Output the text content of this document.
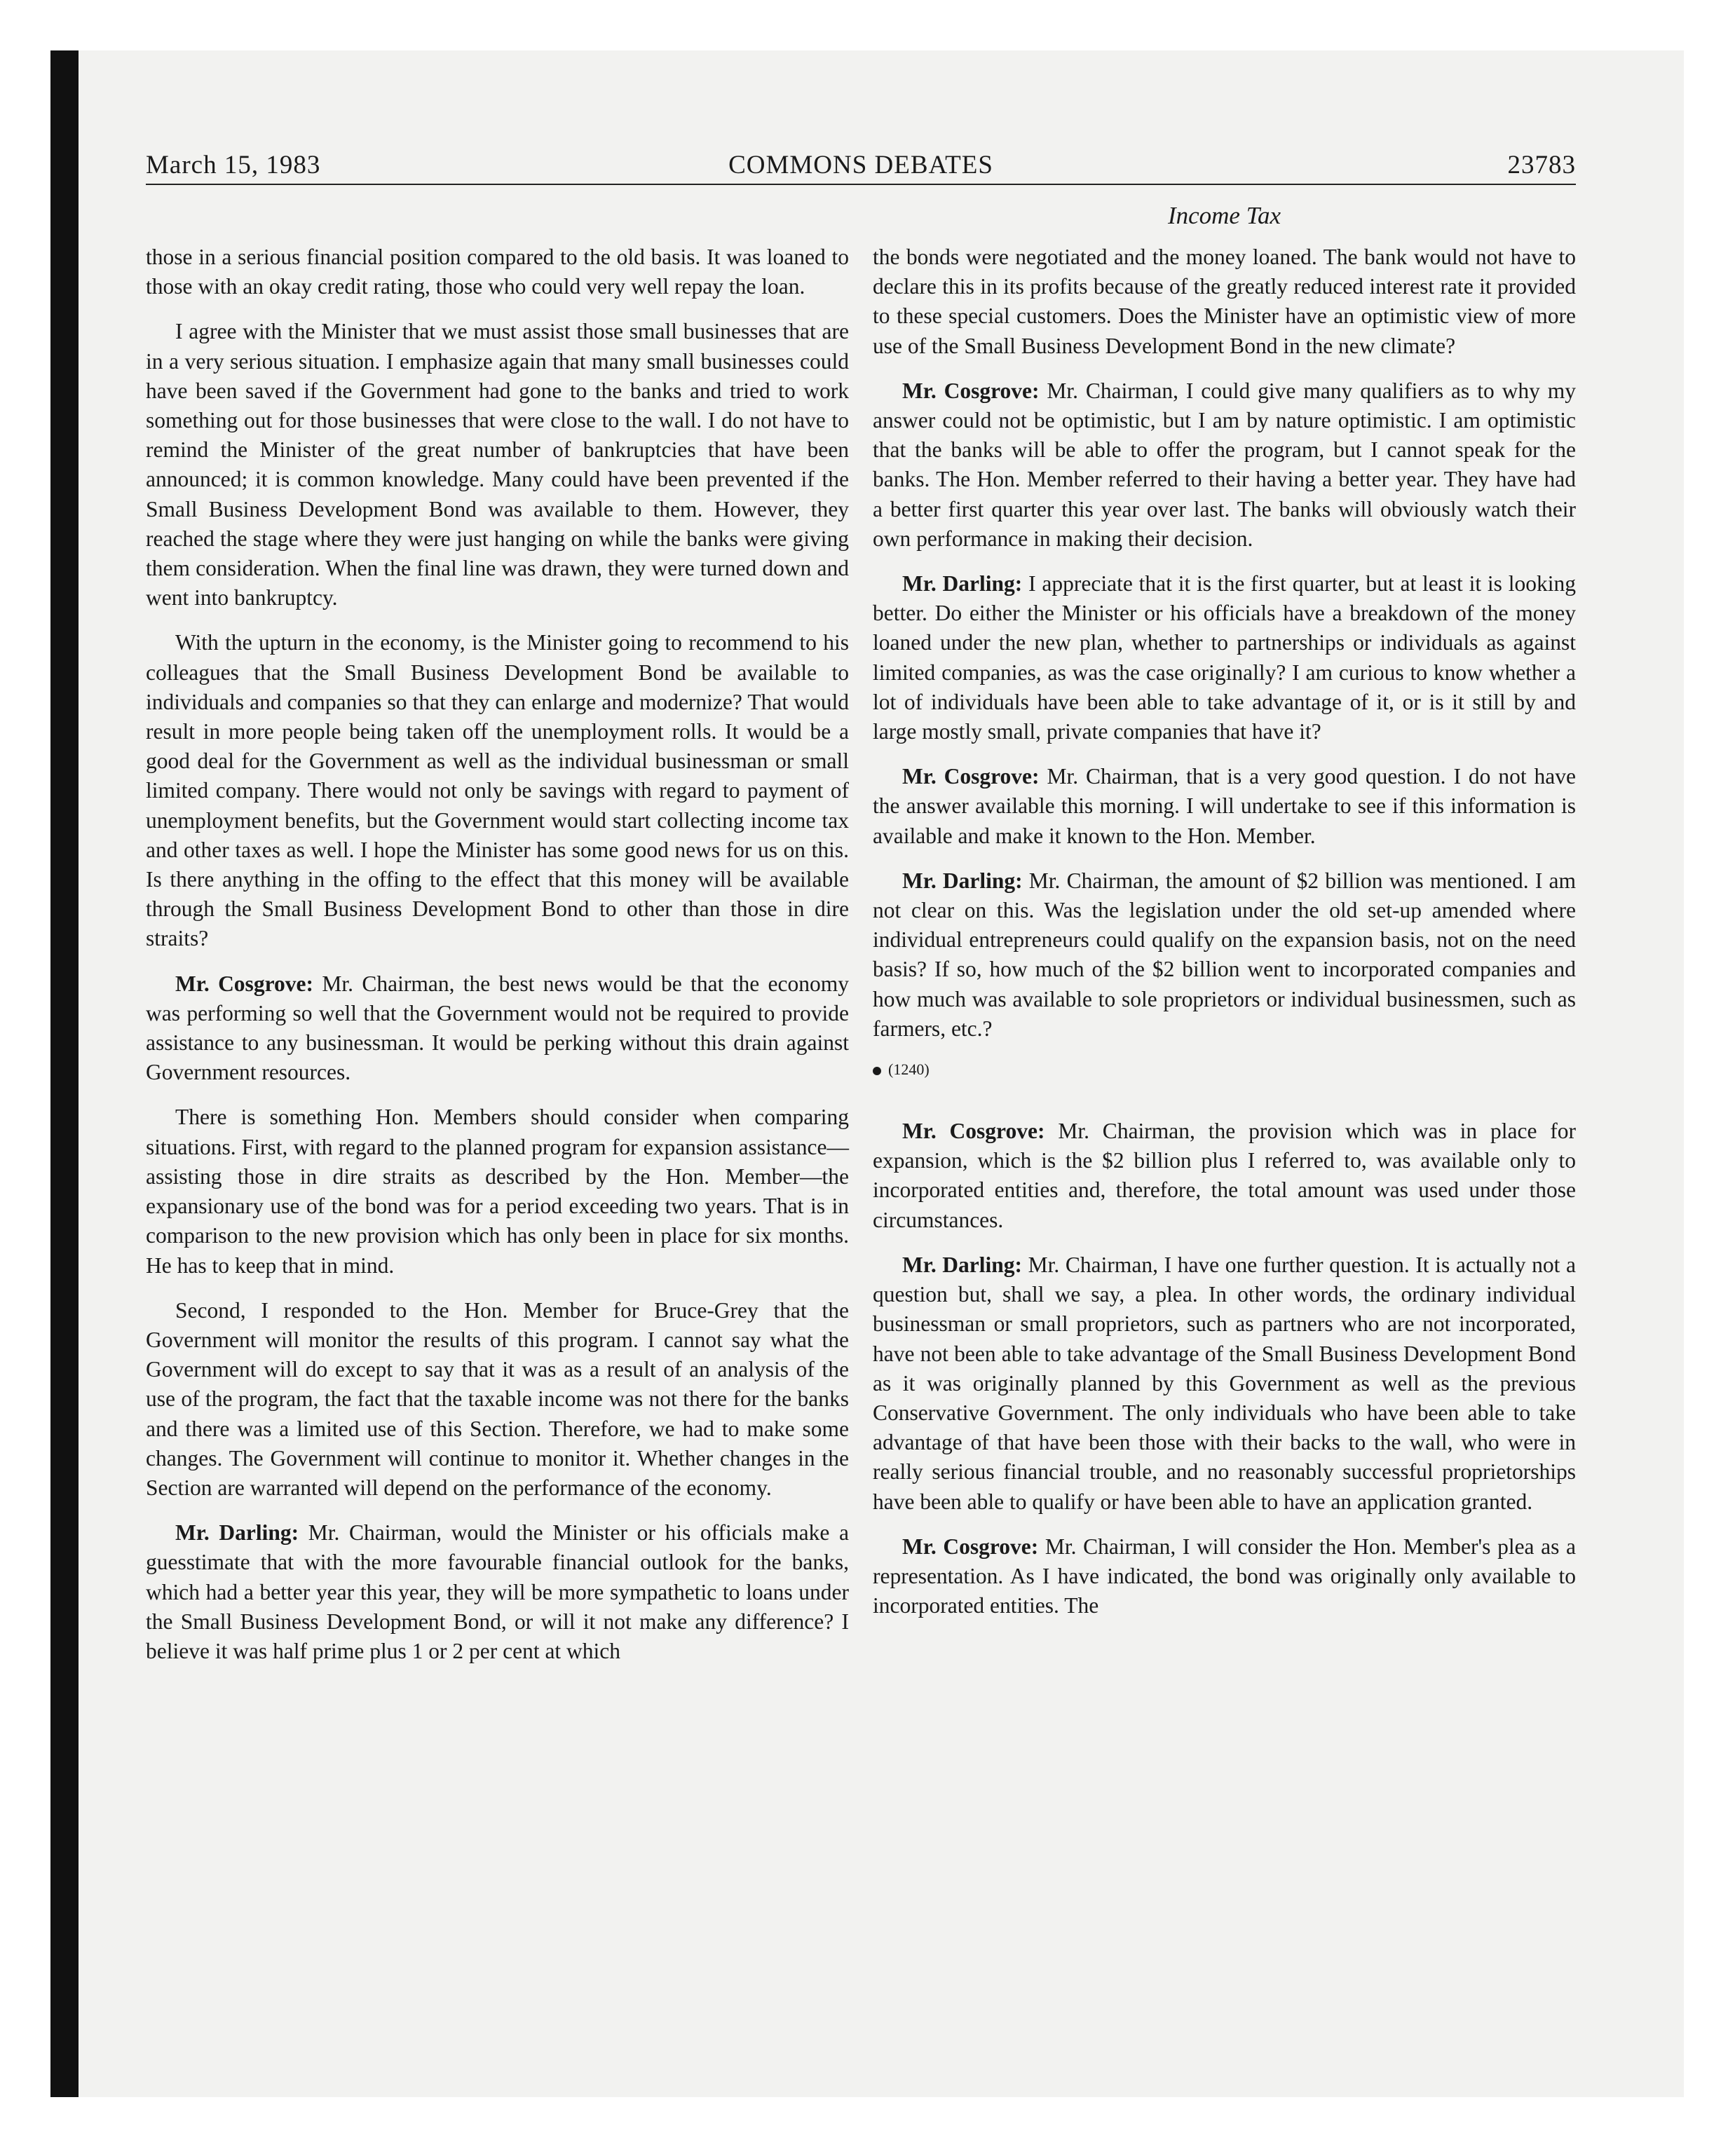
March 15, 1983	COMMONS DEBATES	23783
Income Tax

those in a serious financial position compared to the old basis. It was loaned to those with an okay credit rating, those who could very well repay the loan.

I agree with the Minister that we must assist those small businesses that are in a very serious situation. I emphasize again that many small businesses could have been saved if the Government had gone to the banks and tried to work something out for those businesses that were close to the wall. I do not have to remind the Minister of the great number of bankruptcies that have been announced; it is common knowledge. Many could have been prevented if the Small Business Development Bond was available to them. However, they reached the stage where they were just hanging on while the banks were giving them consideration. When the final line was drawn, they were turned down and went into bankruptcy.

With the upturn in the economy, is the Minister going to recommend to his colleagues that the Small Business Development Bond be available to individuals and companies so that they can enlarge and modernize? That would result in more people being taken off the unemployment rolls. It would be a good deal for the Government as well as the individual businessman or small limited company. There would not only be savings with regard to payment of unemployment benefits, but the Government would start collecting income tax and other taxes as well. I hope the Minister has some good news for us on this. Is there anything in the offing to the effect that this money will be available through the Small Business Development Bond to other than those in dire straits?

Mr. Cosgrove: Mr. Chairman, the best news would be that the economy was performing so well that the Government would not be required to provide assistance to any businessman. It would be perking without this drain against Government resources.

There is something Hon. Members should consider when comparing situations. First, with regard to the planned program for expansion assistance—assisting those in dire straits as described by the Hon. Member—the expansionary use of the bond was for a period exceeding two years. That is in comparison to the new provision which has only been in place for six months. He has to keep that in mind.

Second, I responded to the Hon. Member for Bruce-Grey that the Government will monitor the results of this program. I cannot say what the Government will do except to say that it was as a result of an analysis of the use of the program, the fact that the taxable income was not there for the banks and there was a limited use of this Section. Therefore, we had to make some changes. The Government will continue to monitor it. Whether changes in the Section are warranted will depend on the performance of the economy.

Mr. Darling: Mr. Chairman, would the Minister or his officials make a guesstimate that with the more favourable financial outlook for the banks, which had a better year this year, they will be more sympathetic to loans under the Small Business Development Bond, or will it not make any difference? I believe it was half prime plus 1 or 2 per cent at which

the bonds were negotiated and the money loaned. The bank would not have to declare this in its profits because of the greatly reduced interest rate it provided to these special customers. Does the Minister have an optimistic view of more use of the Small Business Development Bond in the new climate?

Mr. Cosgrove: Mr. Chairman, I could give many qualifiers as to why my answer could not be optimistic, but I am by nature optimistic. I am optimistic that the banks will be able to offer the program, but I cannot speak for the banks. The Hon. Member referred to their having a better year. They have had a better first quarter this year over last. The banks will obviously watch their own performance in making their decision.

Mr. Darling: I appreciate that it is the first quarter, but at least it is looking better. Do either the Minister or his officials have a breakdown of the money loaned under the new plan, whether to partnerships or individuals as against limited companies, as was the case originally? I am curious to know whether a lot of individuals have been able to take advantage of it, or is it still by and large mostly small, private companies that have it?

Mr. Cosgrove: Mr. Chairman, that is a very good question. I do not have the answer available this morning. I will undertake to see if this information is available and make it known to the Hon. Member.

Mr. Darling: Mr. Chairman, the amount of $2 billion was mentioned. I am not clear on this. Was the legislation under the old set-up amended where individual entrepreneurs could qualify on the expansion basis, not on the need basis? If so, how much of the $2 billion went to incorporated companies and how much was available to sole proprietors or individual businessmen, such as farmers, etc.?

(1240)

Mr. Cosgrove: Mr. Chairman, the provision which was in place for expansion, which is the $2 billion plus I referred to, was available only to incorporated entities and, therefore, the total amount was used under those circumstances.

Mr. Darling: Mr. Chairman, I have one further question. It is actually not a question but, shall we say, a plea. In other words, the ordinary individual businessman or small proprietors, such as partners who are not incorporated, have not been able to take advantage of the Small Business Development Bond as it was originally planned by this Government as well as the previous Conservative Government. The only individuals who have been able to take advantage of that have been those with their backs to the wall, who were in really serious financial trouble, and no reasonably successful proprietorships have been able to qualify or have been able to have an application granted.

Mr. Cosgrove: Mr. Chairman, I will consider the Hon. Member's plea as a representation. As I have indicated, the bond was originally only available to incorporated entities. The
